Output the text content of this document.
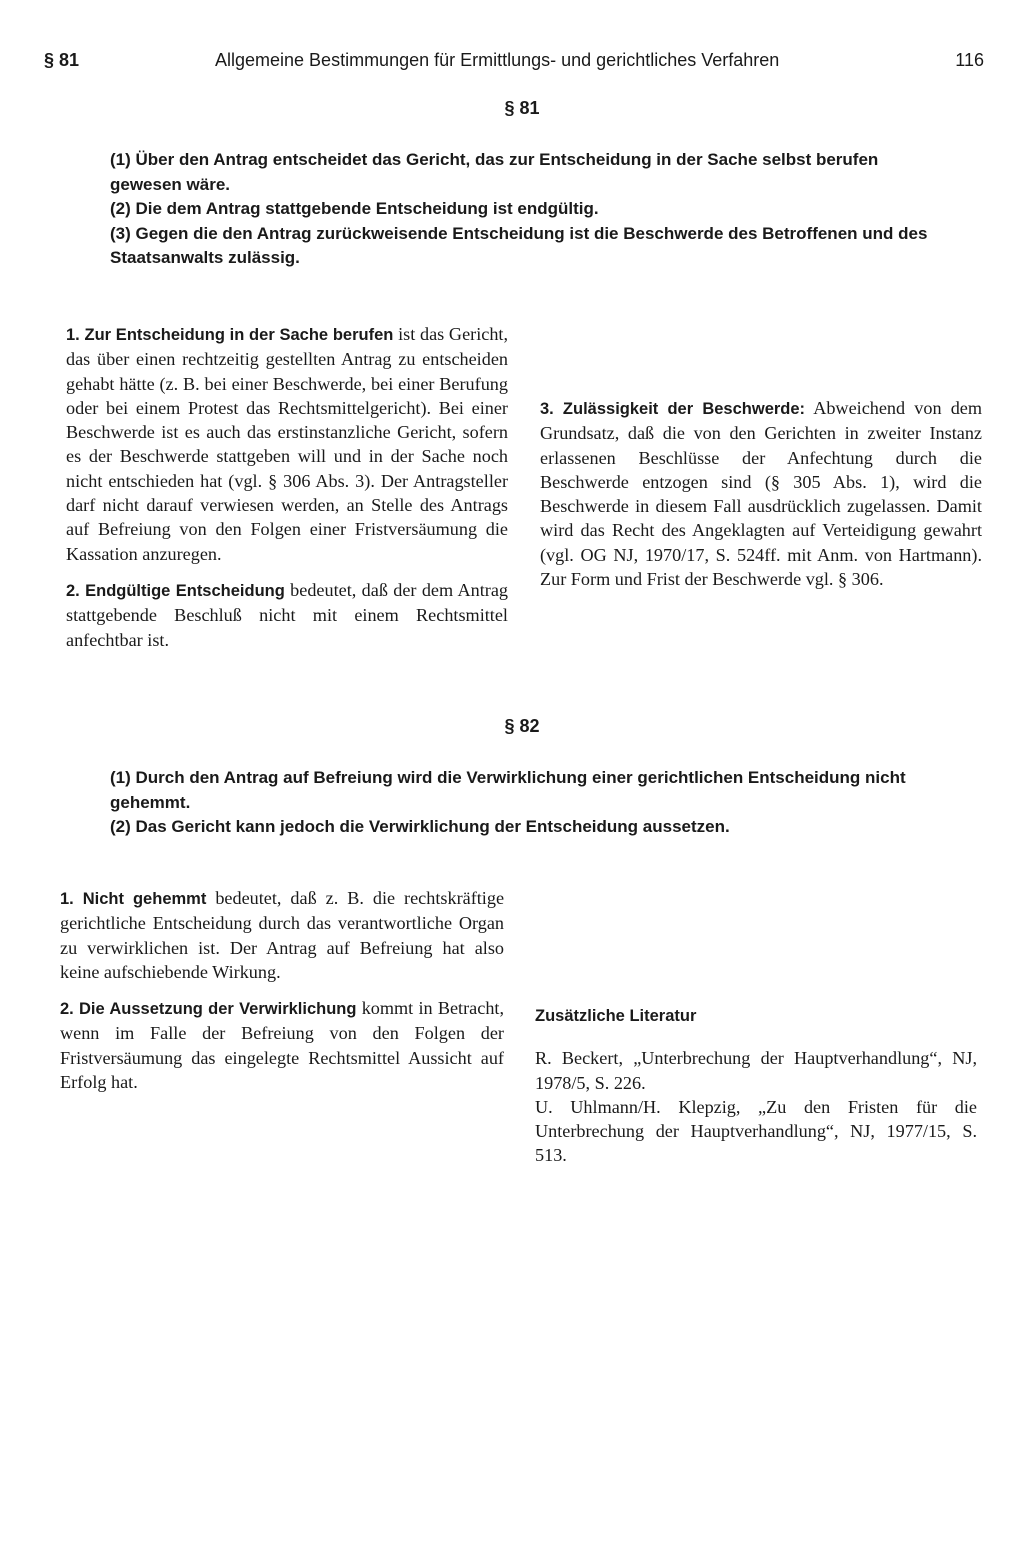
§ 81	Allgemeine Bestimmungen für Ermittlungs- und gerichtliches Verfahren	116
§ 81

(1) Über den Antrag entscheidet das Gericht, das zur Entscheidung in der Sache selbst berufen gewesen wäre.

(2) Die dem Antrag stattgebende Entscheidung ist endgültig.

(3) Gegen die den Antrag zurückweisende Entscheidung ist die Beschwerde des Betroffenen und des Staatsanwalts zulässig.

1. Zur Entscheidung in der Sache berufen ist das Gericht, das über einen rechtzeitig gestellten Antrag zu entscheiden gehabt hätte (z. B. bei einer Beschwerde, bei einer Berufung oder bei einem Protest das Rechtsmittelgericht). Bei einer Beschwerde ist es auch das erstinstanzliche Gericht, sofern es der Beschwerde stattgeben will und in der Sache noch nicht entschieden hat (vgl. § 306 Abs. 3). Der Antragsteller darf nicht darauf verwiesen werden, an Stelle des Antrags auf Befreiung von den Folgen einer Fristversäumung die Kassation anzuregen.

2. Endgültige Entscheidung bedeutet, daß der dem Antrag stattgebende Beschluß nicht mit einem Rechtsmittel anfechtbar ist.

3. Zulässigkeit der Beschwerde: Abweichend von dem Grundsatz, daß die von den Gerichten in zweiter Instanz erlassenen Beschlüsse der Anfechtung durch die Beschwerde entzogen sind (§ 305 Abs. 1), wird die Beschwerde in diesem Fall ausdrücklich zugelassen. Damit wird das Recht des Angeklagten auf Verteidigung gewahrt (vgl. OG NJ, 1970/17, S. 524ff. mit Anm. von Hartmann). Zur Form und Frist der Beschwerde vgl. § 306.

§ 82

(1) Durch den Antrag auf Befreiung wird die Verwirklichung einer gerichtlichen Entscheidung nicht gehemmt.

(2) Das Gericht kann jedoch die Verwirklichung der Entscheidung aussetzen.

1. Nicht gehemmt bedeutet, daß z. B. die rechtskräftige gerichtliche Entscheidung durch das verantwortliche Organ zu verwirklichen ist. Der Antrag auf Befreiung hat also keine aufschiebende Wirkung.

2. Die Aussetzung der Verwirklichung kommt in Betracht, wenn im Falle der Befreiung von den Folgen der Fristversäumung das eingelegte Rechtsmittel Aussicht auf Erfolg hat.

Zusätzliche Literatur

R. Beckert, „Unterbrechung der Hauptverhandlung“, NJ, 1978/5, S. 226.

U. Uhlmann/H. Klepzig, „Zu den Fristen für die Unterbrechung der Hauptverhandlung“, NJ, 1977/15, S. 513.
